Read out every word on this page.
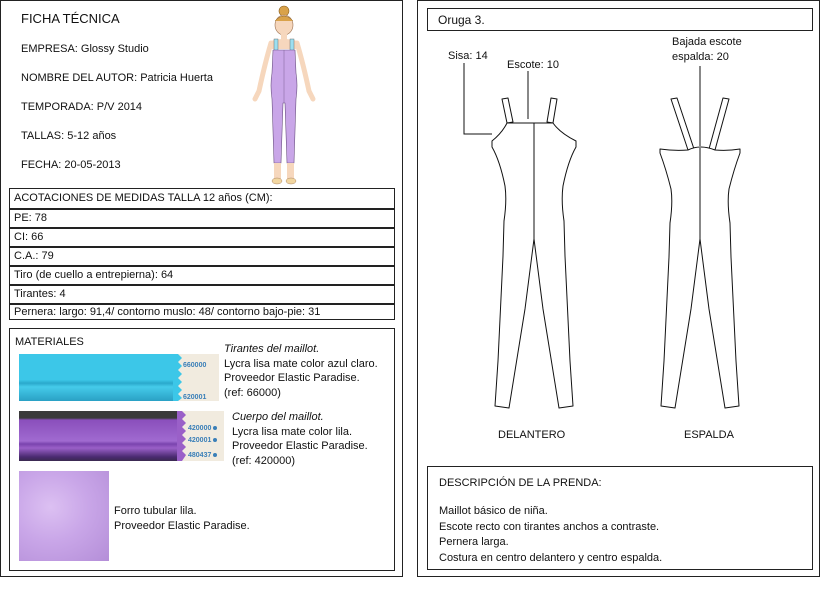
FICHA TÉCNICA
EMPRESA: Glossy Studio
NOMBRE DEL AUTOR: Patricia Huerta
TEMPORADA: P/V 2014
TALLAS: 5-12 años
FECHA: 20-05-2013
ACOTACIONES DE MEDIDAS TALLA 12 años (CM):
PE: 78
CI: 66
C.A.: 79
Tiro (de cuello a entrepierna): 64
Tirantes: 4
Pernera: largo: 91,4/ contorno muslo: 48/ contorno bajo-pie: 31
MATERIALES
660000
620001
Tirantes del maillot.
Lycra lisa mate color azul claro.
Proveedor Elastic Paradise.
(ref: 66000)
420000
420001
480437
Cuerpo del maillot.
Lycra lisa mate color lila.
Proveedor Elastic Paradise.
(ref: 420000)
Forro tubular lila.
Proveedor Elastic Paradise.
Oruga 3.
Sisa: 14
Escote: 10
Bajada escote
espalda: 20
DELANTERO	ESPALDA
DESCRIPCIÓN DE LA PRENDA:
Maillot básico de niña.
Escote recto con tirantes anchos a contraste.
Pernera larga.
Costura en centro delantero y centro espalda.
